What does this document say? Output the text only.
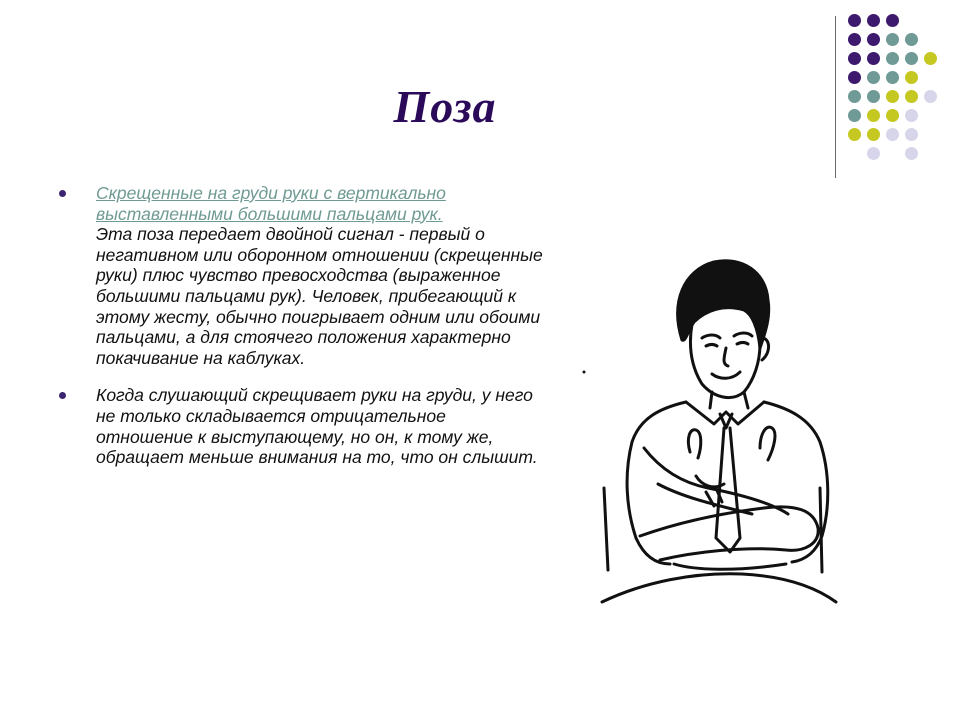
Поза
Скрещенные на груди руки с вертикально выставленными большими пальцами рук.
Эта поза передает двойной сигнал - первый о негативном или оборонном отношении (скрещенные руки) плюс чувство превосходства (выраженное большими пальцами рук). Человек, прибегающий к этому жесту, обычно поигрывает одним или обоими пальцами, а для стоячего положения характерно покачивание на каблуках.
Когда слушающий скрещивает руки на груди, у него не только складывается отрицательное отношение к выступающему, но он, к тому же, обращает меньше внимания на то, что он слышит.
